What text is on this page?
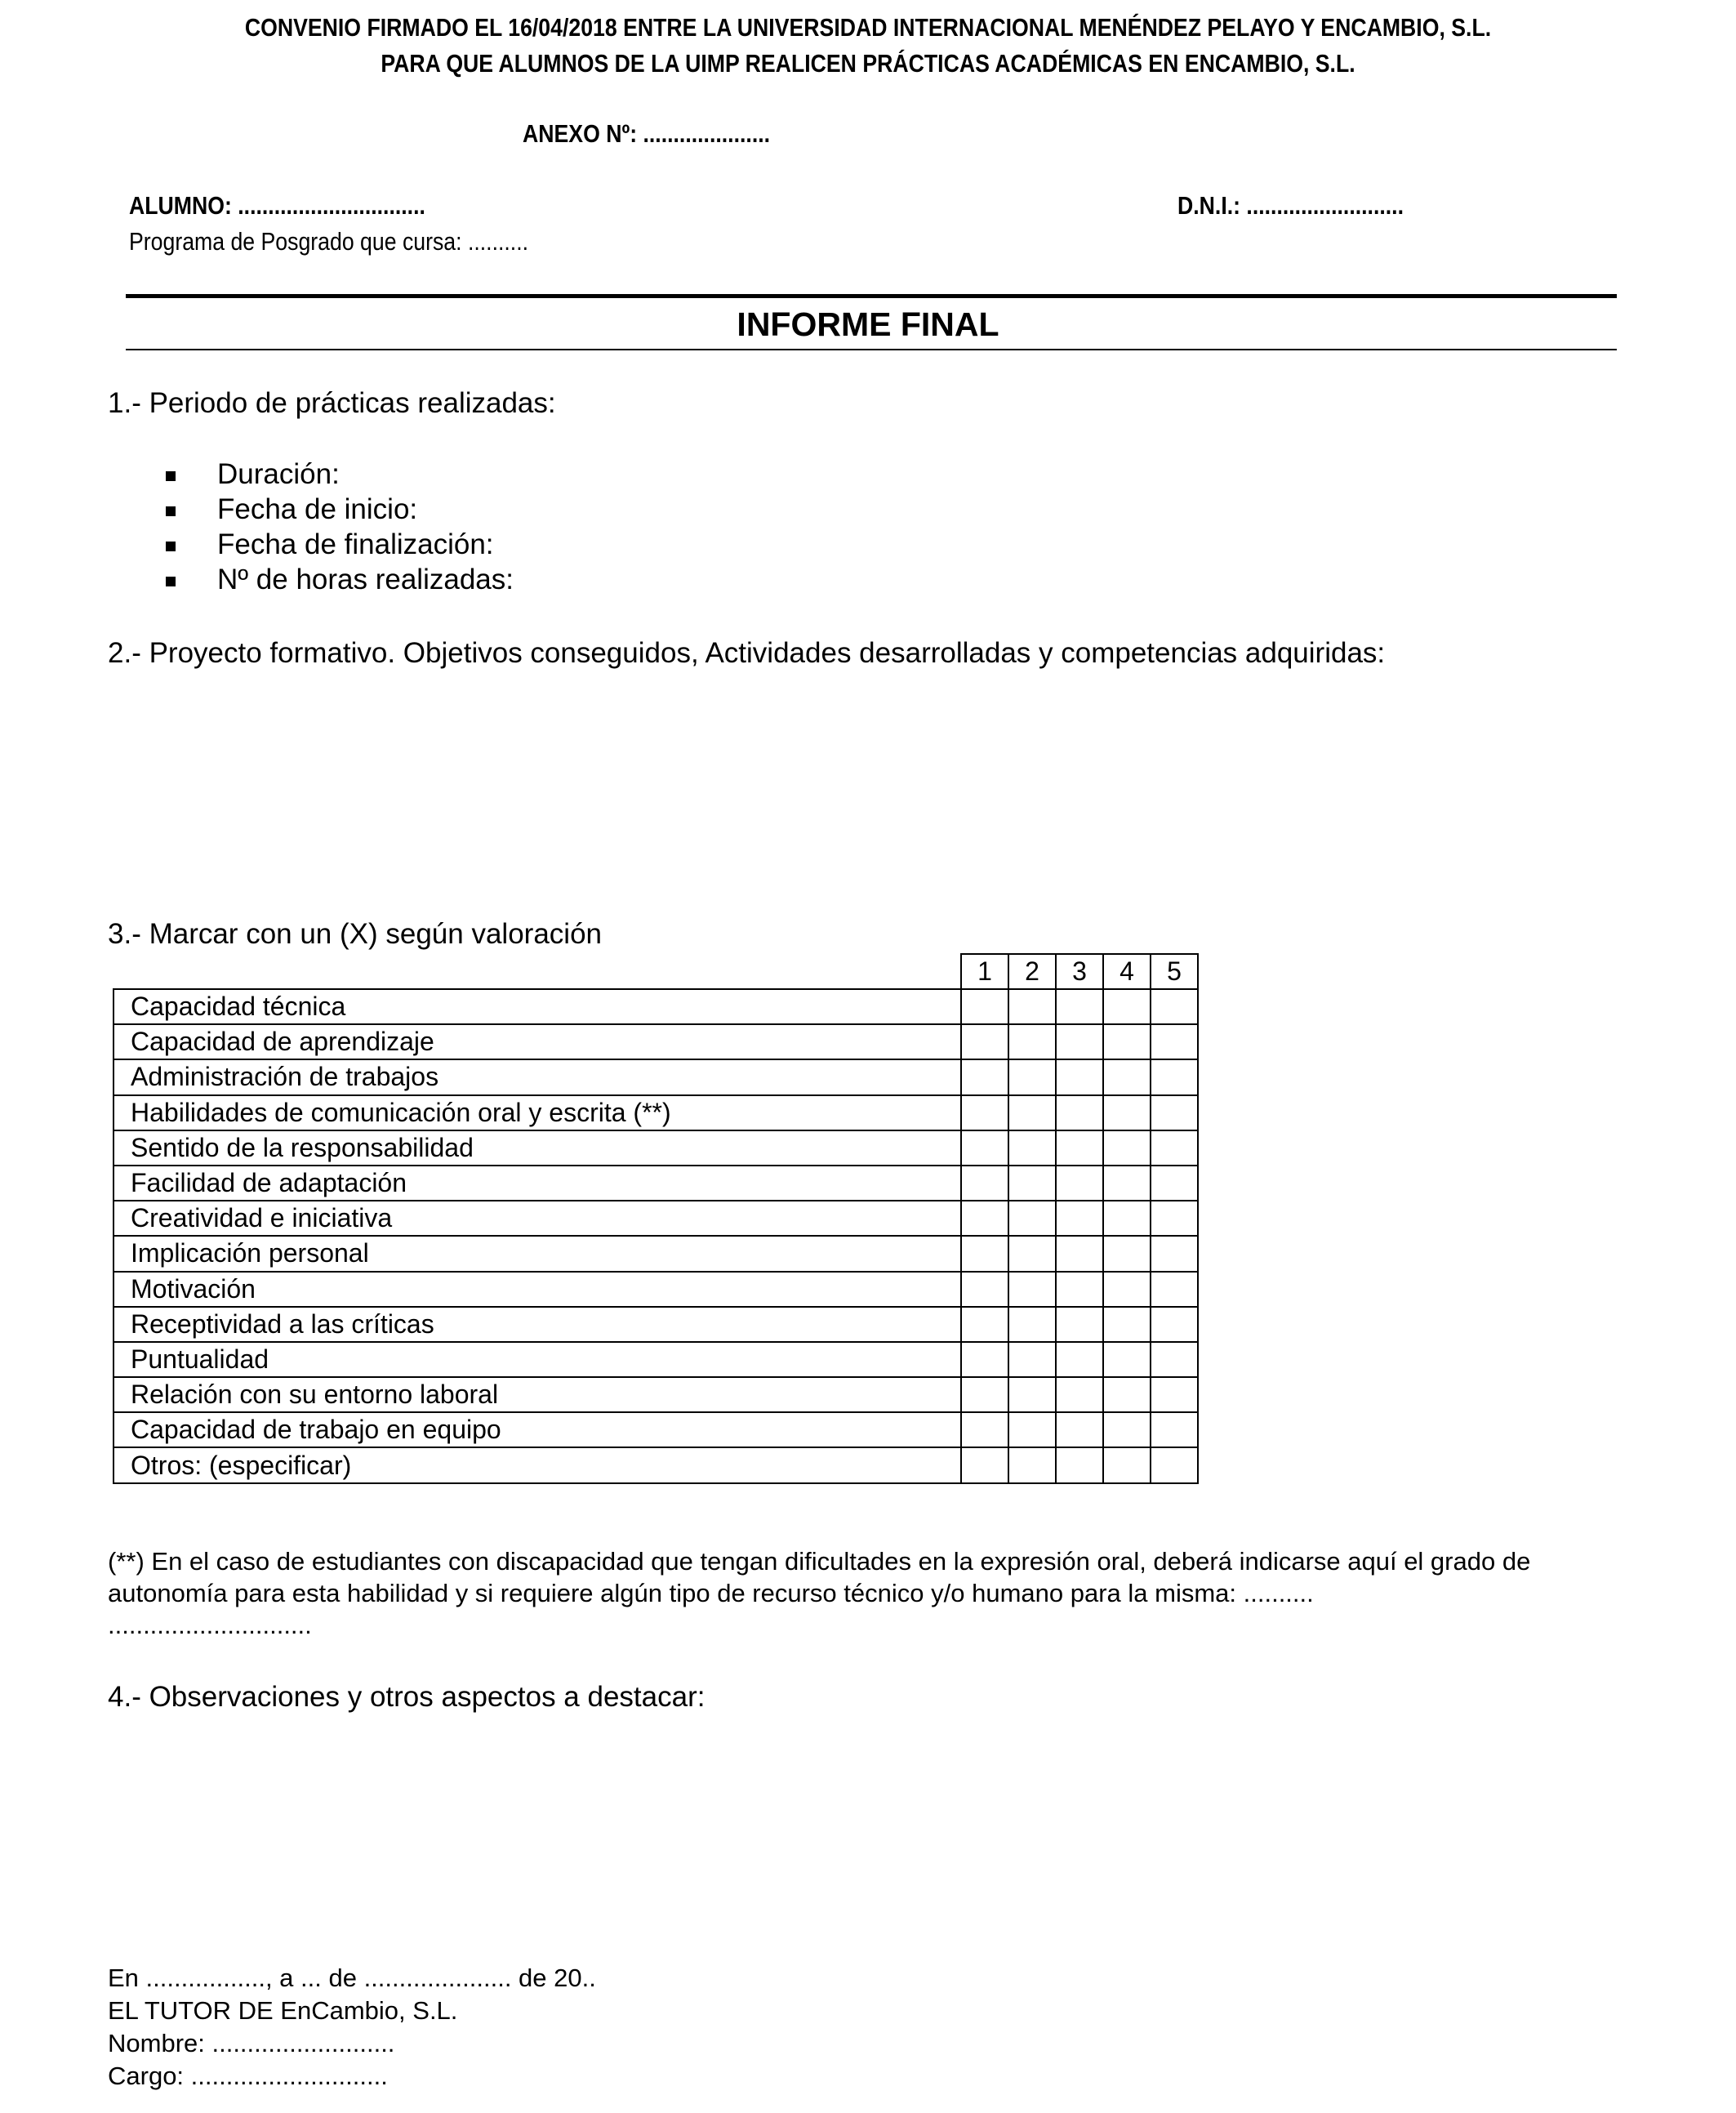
CONVENIO FIRMADO EL 16/04/2018 ENTRE LA UNIVERSIDAD INTERNACIONAL MENÉNDEZ PELAYO Y ENCAMBIO, S.L.
PARA QUE ALUMNOS DE LA UIMP REALICEN PRÁCTICAS ACADÉMICAS EN ENCAMBIO, S.L.
ANEXO Nº: .....................
ALUMNO: ...............................	D.N.I.: ..........................
Programa de Posgrado que cursa: ..........
INFORME FINAL
1.- Periodo de prácticas realizadas:
Duración:
Fecha de inicio:
Fecha de finalización:
Nº de horas realizadas:
2.- Proyecto formativo. Objetivos conseguidos, Actividades desarrolladas y competencias adquiridas:
3.- Marcar con un (X) según valoración
	1	2	3	4	5
Capacidad técnica					
Capacidad de aprendizaje					
Administración de trabajos					
Habilidades de comunicación oral y escrita (**)					
Sentido de la responsabilidad					
Facilidad de adaptación					
Creatividad e iniciativa					
Implicación personal					
Motivación					
Receptividad a las críticas					
Puntualidad					
Relación con su entorno laboral					
Capacidad de trabajo en equipo					
Otros: (especificar)					
(**) En el caso de estudiantes con discapacidad que tengan dificultades en la expresión oral, deberá indicarse aquí el grado de
autonomía para esta habilidad y si requiere algún tipo de recurso técnico y/o humano para la misma: ..........
.............................
4.- Observaciones y otros aspectos a destacar:
En ................., a ... de ..................... de 20..
EL TUTOR DE EnCambio, S.L.
Nombre: ..........................
Cargo: ............................
